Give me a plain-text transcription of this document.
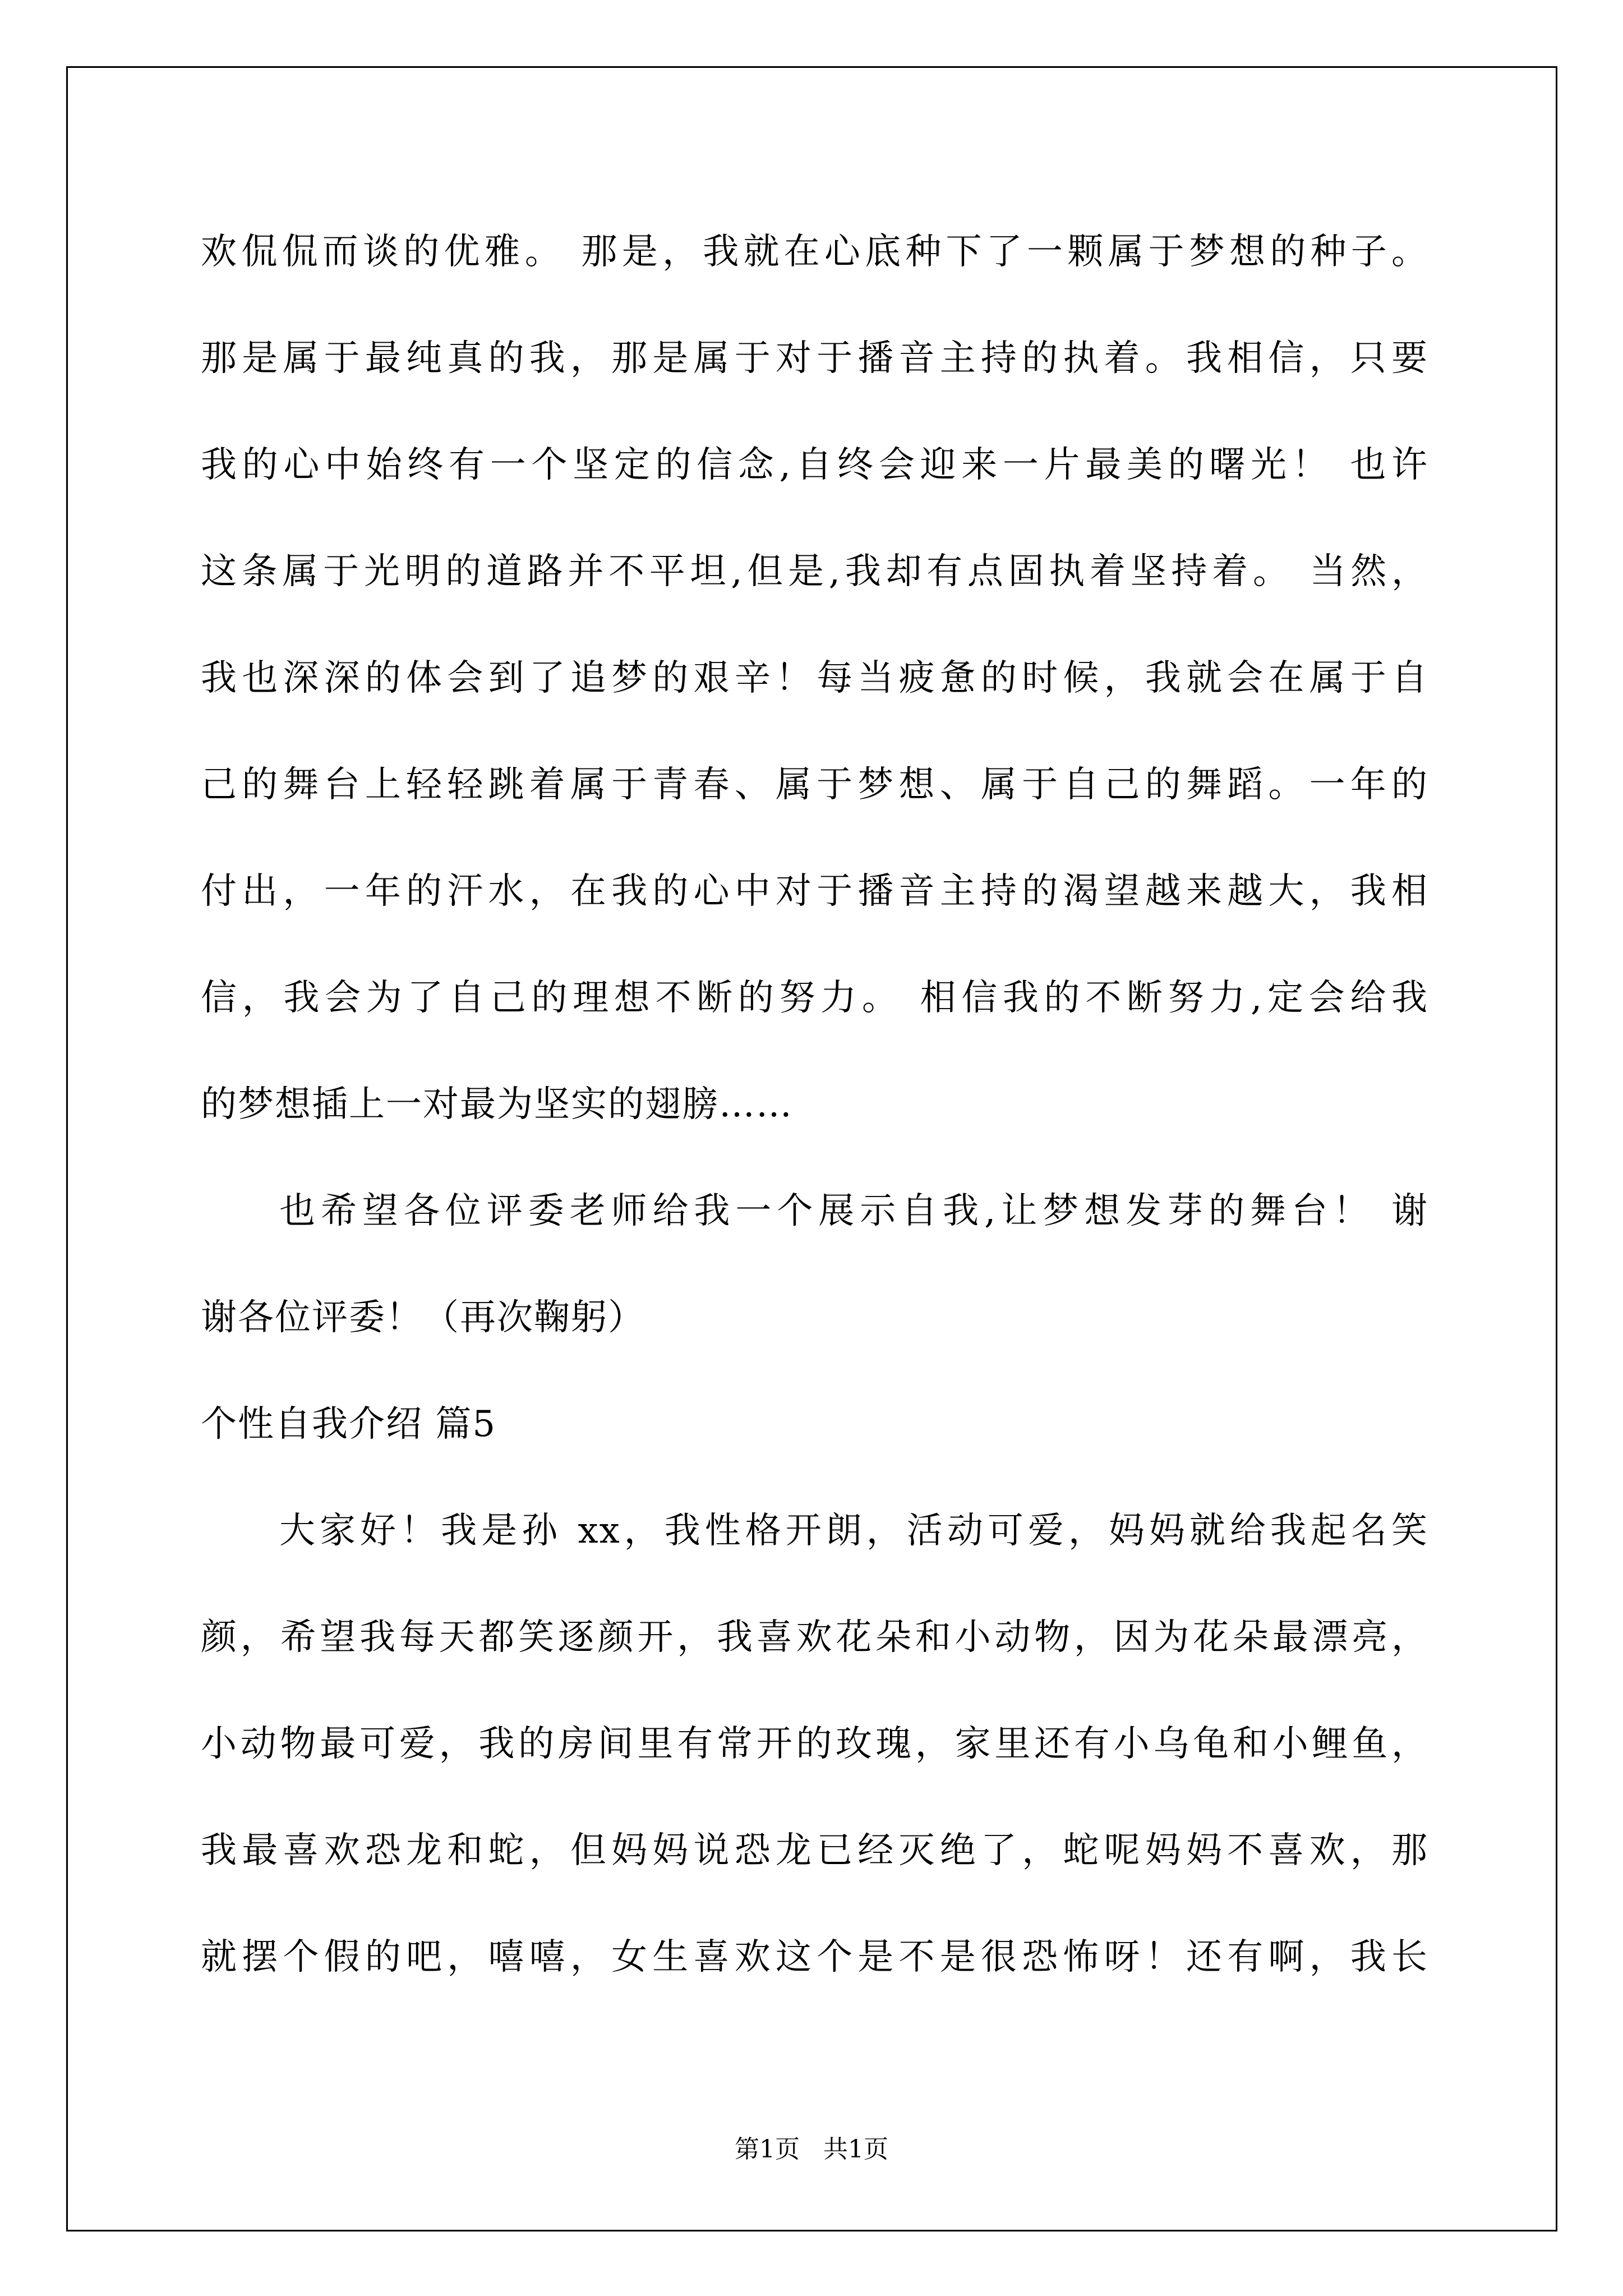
欢侃侃而谈的优雅。 那是，我就在心底种下了一颗属于梦想的种子。
那是属于最纯真的我，那是属于对于播音主持的执着。我相信，只要
我的心中始终有一个坚定的信念,自终会迎来一片最美的曙光！ 也许
这条属于光明的道路并不平坦,但是,我却有点固执着坚持着。 当然，
我也深深的体会到了追梦的艰辛！每当疲惫的时候，我就会在属于自
己的舞台上轻轻跳着属于青春、属于梦想、属于自己的舞蹈。一年的
付出，一年的汗水，在我的心中对于播音主持的渴望越来越大，我相
信，我会为了自己的理想不断的努力。 相信我的不断努力,定会给我
的梦想插上一对最为坚实的翅膀……
也希望各位评委老师给我一个展示自我,让梦想发芽的舞台！ 谢
谢各位评委！（再次鞠躬）
个性自我介绍 篇5
大家好！我是孙 xx，我性格开朗，活动可爱，妈妈就给我起名笑
颜，希望我每天都笑逐颜开，我喜欢花朵和小动物，因为花朵最漂亮，
小动物最可爱，我的房间里有常开的玫瑰，家里还有小乌龟和小鲤鱼，
我最喜欢恐龙和蛇，但妈妈说恐龙已经灭绝了，蛇呢妈妈不喜欢，那
就摆个假的吧，嘻嘻，女生喜欢这个是不是很恐怖呀！还有啊，我长
第1页 共1页
